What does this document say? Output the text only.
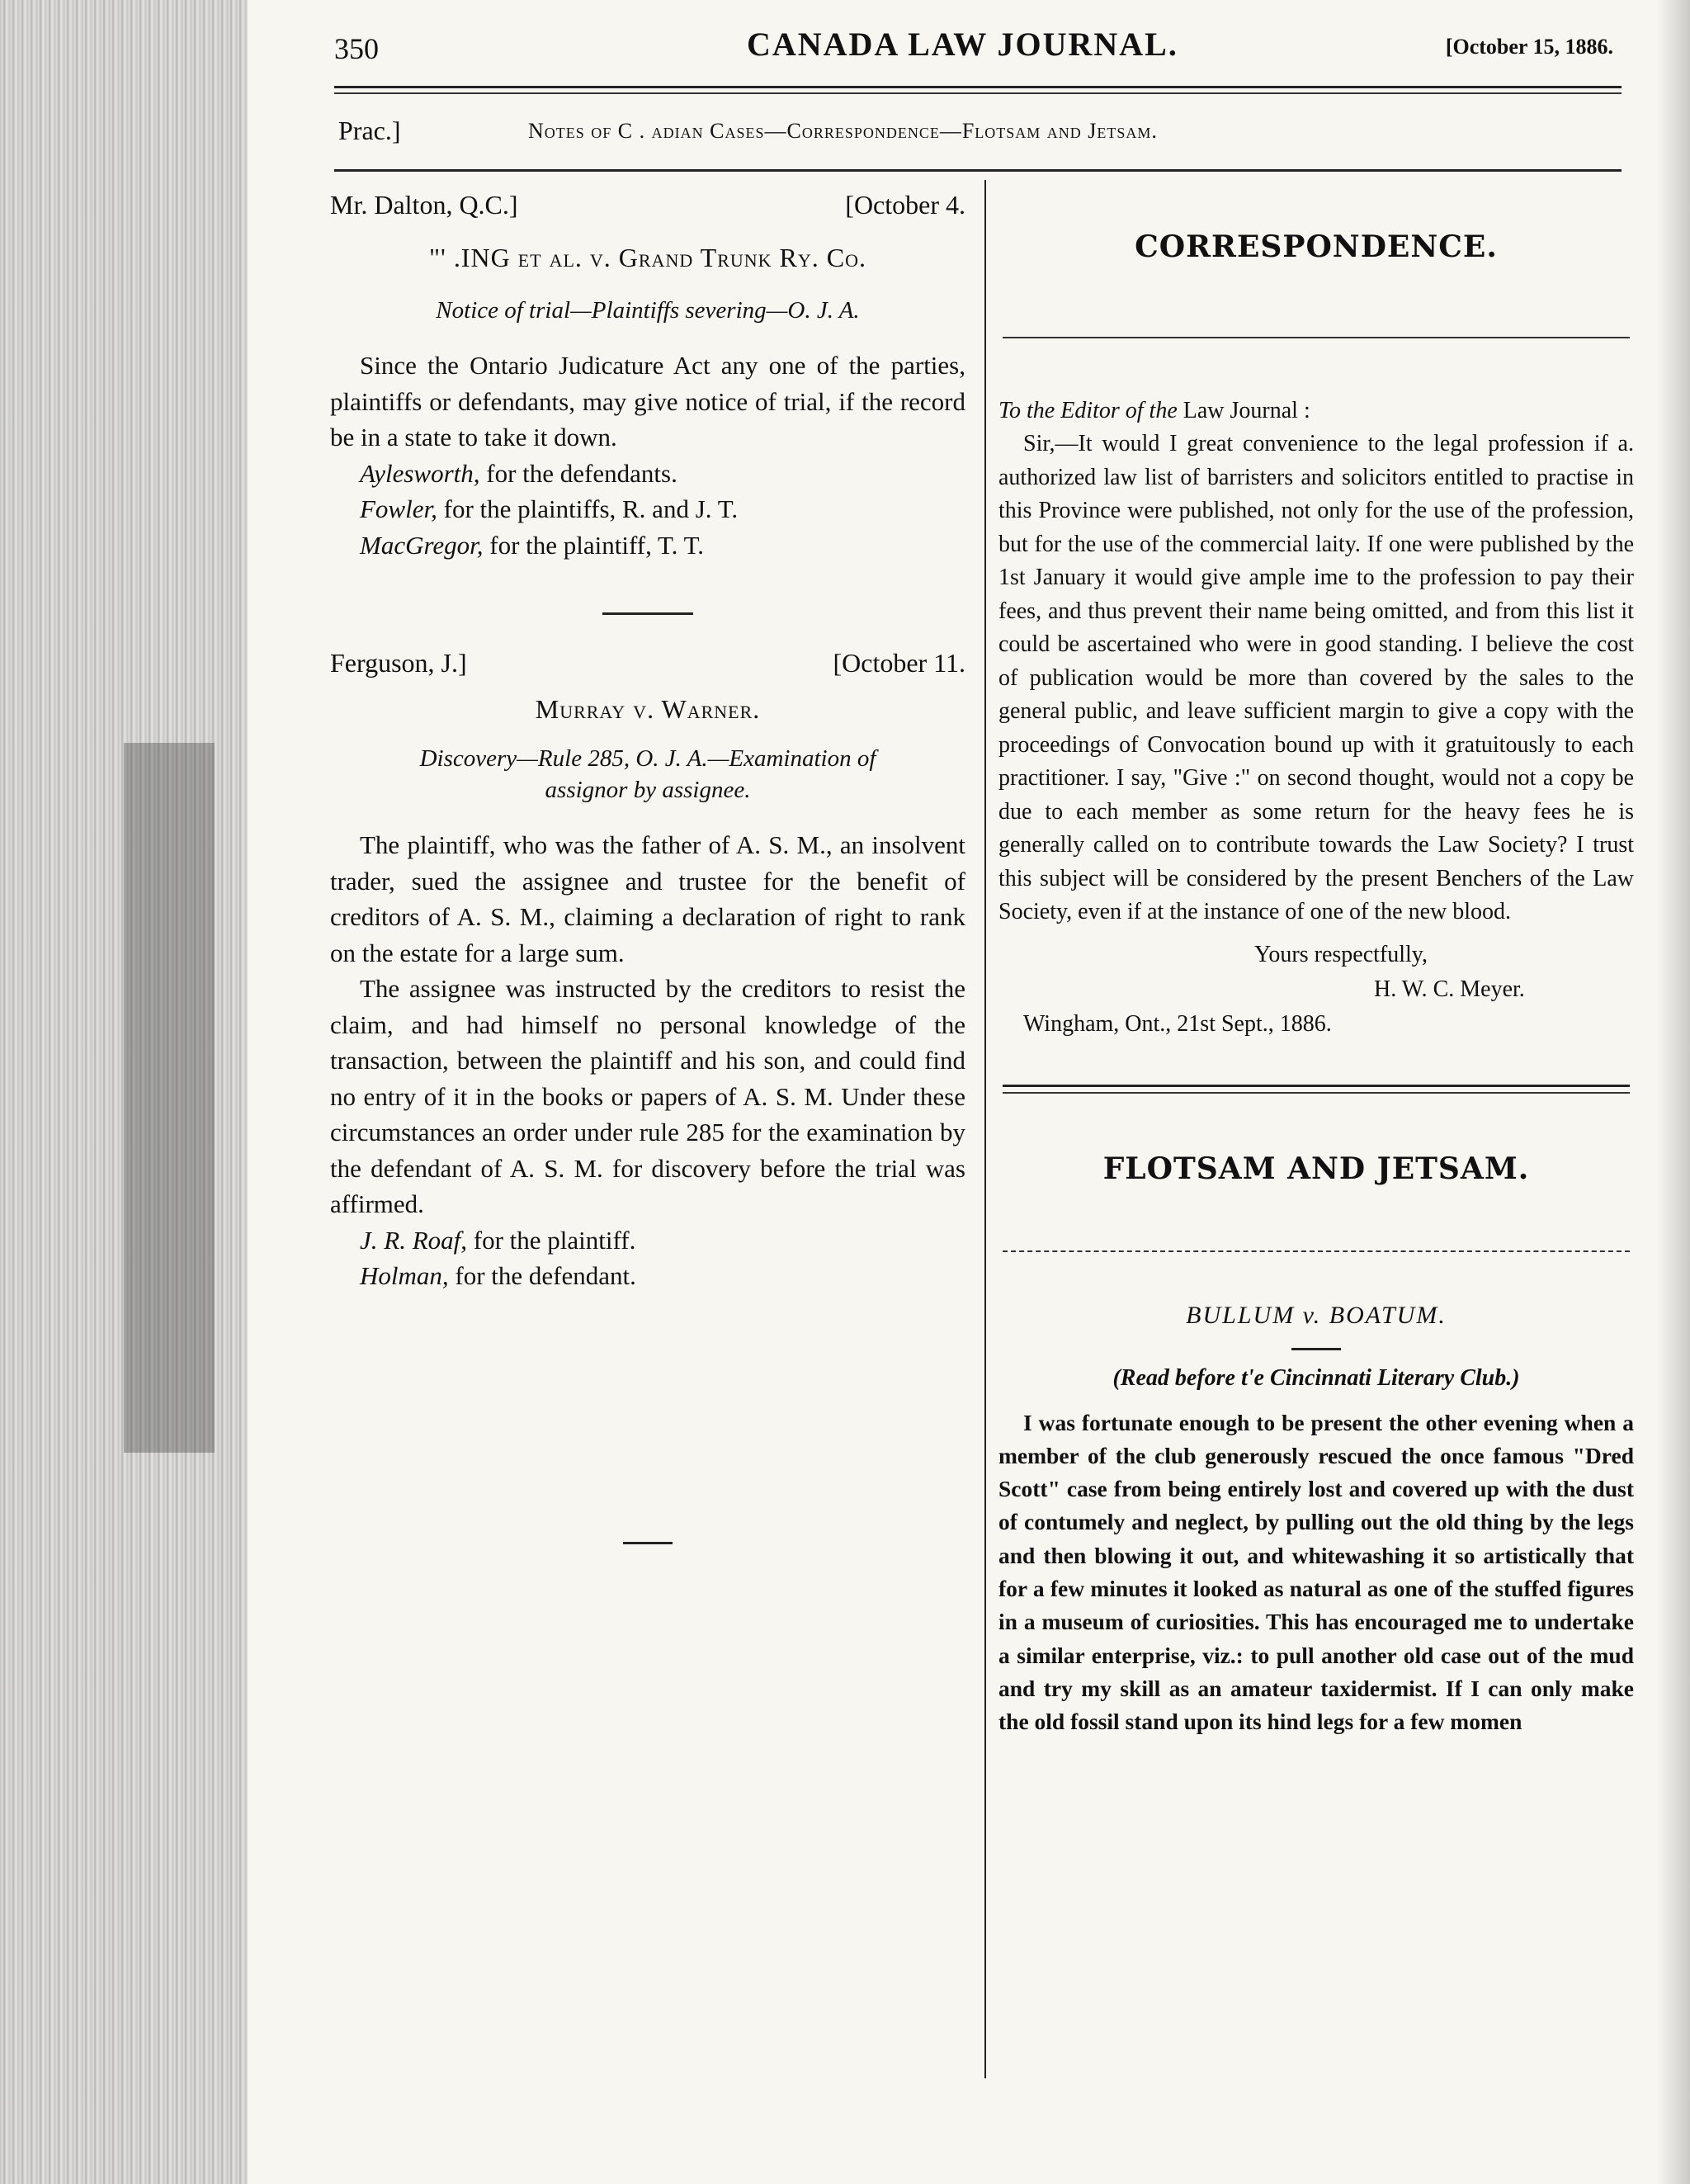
350	CANADA LAW JOURNAL.	[October 15, 1886.
Prac.]	Notes of C . adian Cases—Correspondence—Flotsam and Jetsam.
Mr. Dalton, Q.C.]	[October 4.
"' .ING et al. v. Grand Trunk Ry. Co.
Notice of trial—Plaintiffs severing—O. J. A.

Since the Ontario Judicature Act any one of the parties, plaintiffs or defendants, may give notice of trial, if the record be in a state to take it down.

Aylesworth, for the defendants.
Fowler, for the plaintiffs, R. and J. T.
MacGregor, for the plaintiff, T. T.
Ferguson, J.]	[October 11.
Murray v. Warner.
Discovery—Rule 285, O. J. A.—Examination of
assignor by assignee.

The plaintiff, who was the father of A. S. M., an insolvent trader, sued the assignee and trustee for the benefit of creditors of A. S. M., claiming a declaration of right to rank on the estate for a large sum.

The assignee was instructed by the creditors to resist the claim, and had himself no personal knowledge of the transaction, between the plaintiff and his son, and could find no entry of it in the books or papers of A. S. M. Under these circumstances an order under rule 285 for the examination by the defendant of A. S. M. for discovery before the trial was affirmed.

J. R. Roaf, for the plaintiff.
Holman, for the defendant.
CORRESPONDENCE.
To the Editor of the Law Journal :

Sir,—It would I great convenience to the legal profession if a. authorized law list of barristers and solicitors entitled to practise in this Province were published, not only for the use of the profession, but for the use of the commercial laity. If one were published by the 1st January it would give ample ime to the profession to pay their fees, and thus prevent their name being omitted, and from this list it could be ascertained who were in good standing. I believe the cost of publication would be more than covered by the sales to the general public, and leave sufficient margin to give a copy with the proceedings of Convocation bound up with it gratuitously to each practitioner. I say, "Give :" on second thought, would not a copy be due to each member as some return for the heavy fees he is generally called on to contribute towards the Law Society? I trust this subject will be considered by the present Benchers of the Law Society, even if at the instance of one of the new blood.

Yours respectfully,
H. W. C. Meyer.
Wingham, Ont., 21st Sept., 1886.
FLOTSAM AND JETSAM.
BULLUM v. BOATUM.
(Read before t'e Cincinnati Literary Club.)

I was fortunate enough to be present the other evening when a member of the club generously rescued the once famous "Dred Scott" case from being entirely lost and covered up with the dust of contumely and neglect, by pulling out the old thing by the legs and then blowing it out, and whitewashing it so artistically that for a few minutes it looked as natural as one of the stuffed figures in a museum of curiosities. This has encouraged me to undertake a similar enterprise, viz.: to pull another old case out of the mud and try my skill as an amateur taxidermist. If I can only make the old fossil stand upon its hind legs for a few momen
